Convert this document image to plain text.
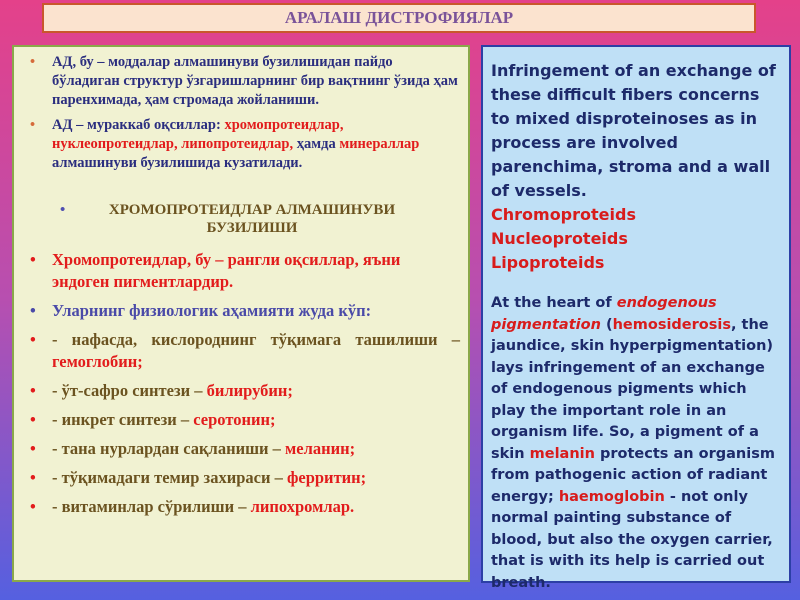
АРАЛАШ ДИСТРОФИЯЛАР
• АД, бу – моддалар алмашинуви бузилишидан пайдо бўладиган структур ўзгаришларнинг бир вақтнинг ўзида ҳам паренхимада, ҳам стромада жойланиши.
• АД – мураккаб оқсиллар: хромопротеидлар, нуклеопротеидлар, липопротеидлар, ҳамда минераллар алмашинуви бузилишида кузатилади.
• ХРОМОПРОТЕИДЛАР АЛМАШИНУВИ БУЗИЛИШИ
• Хромопротеидлар, бу – рангли оқсиллар, яъни эндоген пигментлардир.
• Уларнинг физиологик аҳамияти жуда кўп:
• - нафасда, кислороднинг тўқимага ташилиши – гемоглобин;
• - ўт-сафро синтези – билирубин;
• - инкрет синтези – серотонин;
• - тана нурлардан сақланиши – меланин;
• - тўқимадаги темир захираси – ферритин;
• - витаминлар сўрилиши – липохромлар.

Infringement of an exchange of these difficult fibers concerns to mixed disproteinoses as in process are involved parenchima, stroma and a wall of vessels.

Chromoproteids
Nucleoproteids
Lipoproteids
At the heart of endogenous pigmentation (hemosiderosis, the jaundice, skin hyperpigmentation) lays infringement of an exchange of endogenous pigments which play the important role in an organism life. So, a pigment of a skin melanin protects an organism from pathogenic action of radiant energy; haemoglobin - not only normal painting substance of blood, but also the oxygen carrier, that is with its help is carried out breath.
